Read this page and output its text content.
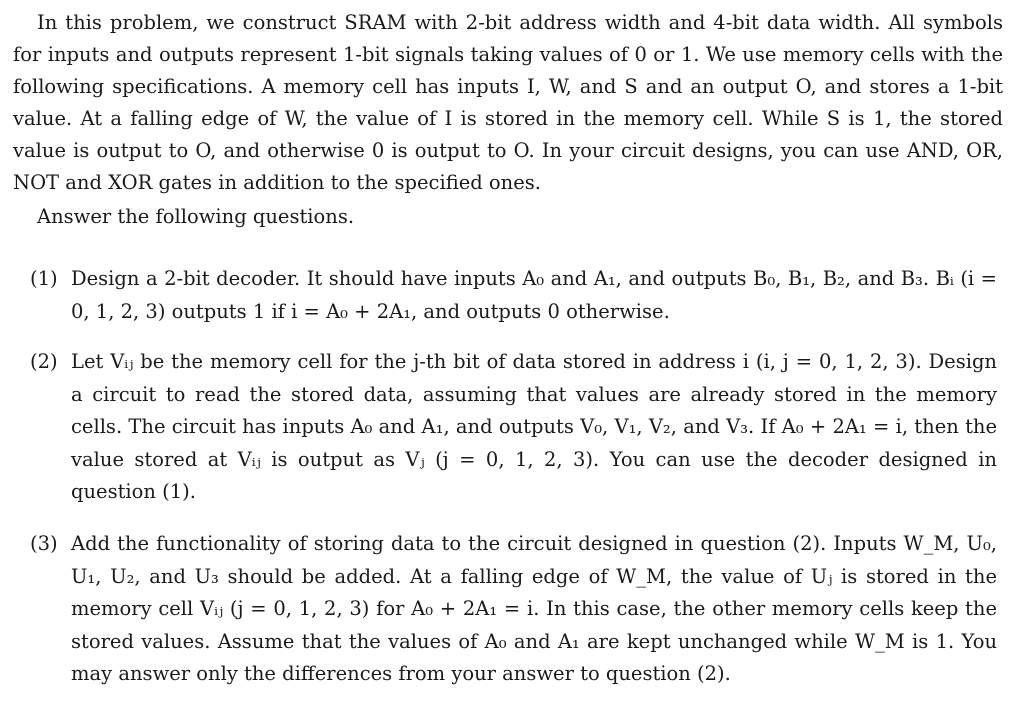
In this problem, we construct SRAM with 2-bit address width and 4-bit data width. All symbols for inputs and outputs represent 1-bit signals taking values of 0 or 1. We use memory cells with the following specifications. A memory cell has inputs I, W, and S and an output O, and stores a 1-bit value. At a falling edge of W, the value of I is stored in the memory cell. While S is 1, the stored value is output to O, and otherwise 0 is output to O. In your circuit designs, you can use AND, OR, NOT and XOR gates in addition to the specified ones.

Answer the following questions.

(1) Design a 2-bit decoder. It should have inputs A₀ and A₁, and outputs B₀, B₁, B₂, and B₃. Bᵢ (i = 0, 1, 2, 3) outputs 1 if i = A₀ + 2A₁, and outputs 0 otherwise.
(2) Let Vᵢⱼ be the memory cell for the j-th bit of data stored in address i (i, j = 0, 1, 2, 3). Design a circuit to read the stored data, assuming that values are already stored in the memory cells. The circuit has inputs A₀ and A₁, and outputs V₀, V₁, V₂, and V₃. If A₀ + 2A₁ = i, then the value stored at Vᵢⱼ is output as Vⱼ (j = 0, 1, 2, 3). You can use the decoder designed in question (1).
(3) Add the functionality of storing data to the circuit designed in question (2). Inputs W_M, U₀, U₁, U₂, and U₃ should be added. At a falling edge of W_M, the value of Uⱼ is stored in the memory cell Vᵢⱼ (j = 0, 1, 2, 3) for A₀ + 2A₁ = i. In this case, the other memory cells keep the stored values. Assume that the values of A₀ and A₁ are kept unchanged while W_M is 1. You may answer only the differences from your answer to question (2).
